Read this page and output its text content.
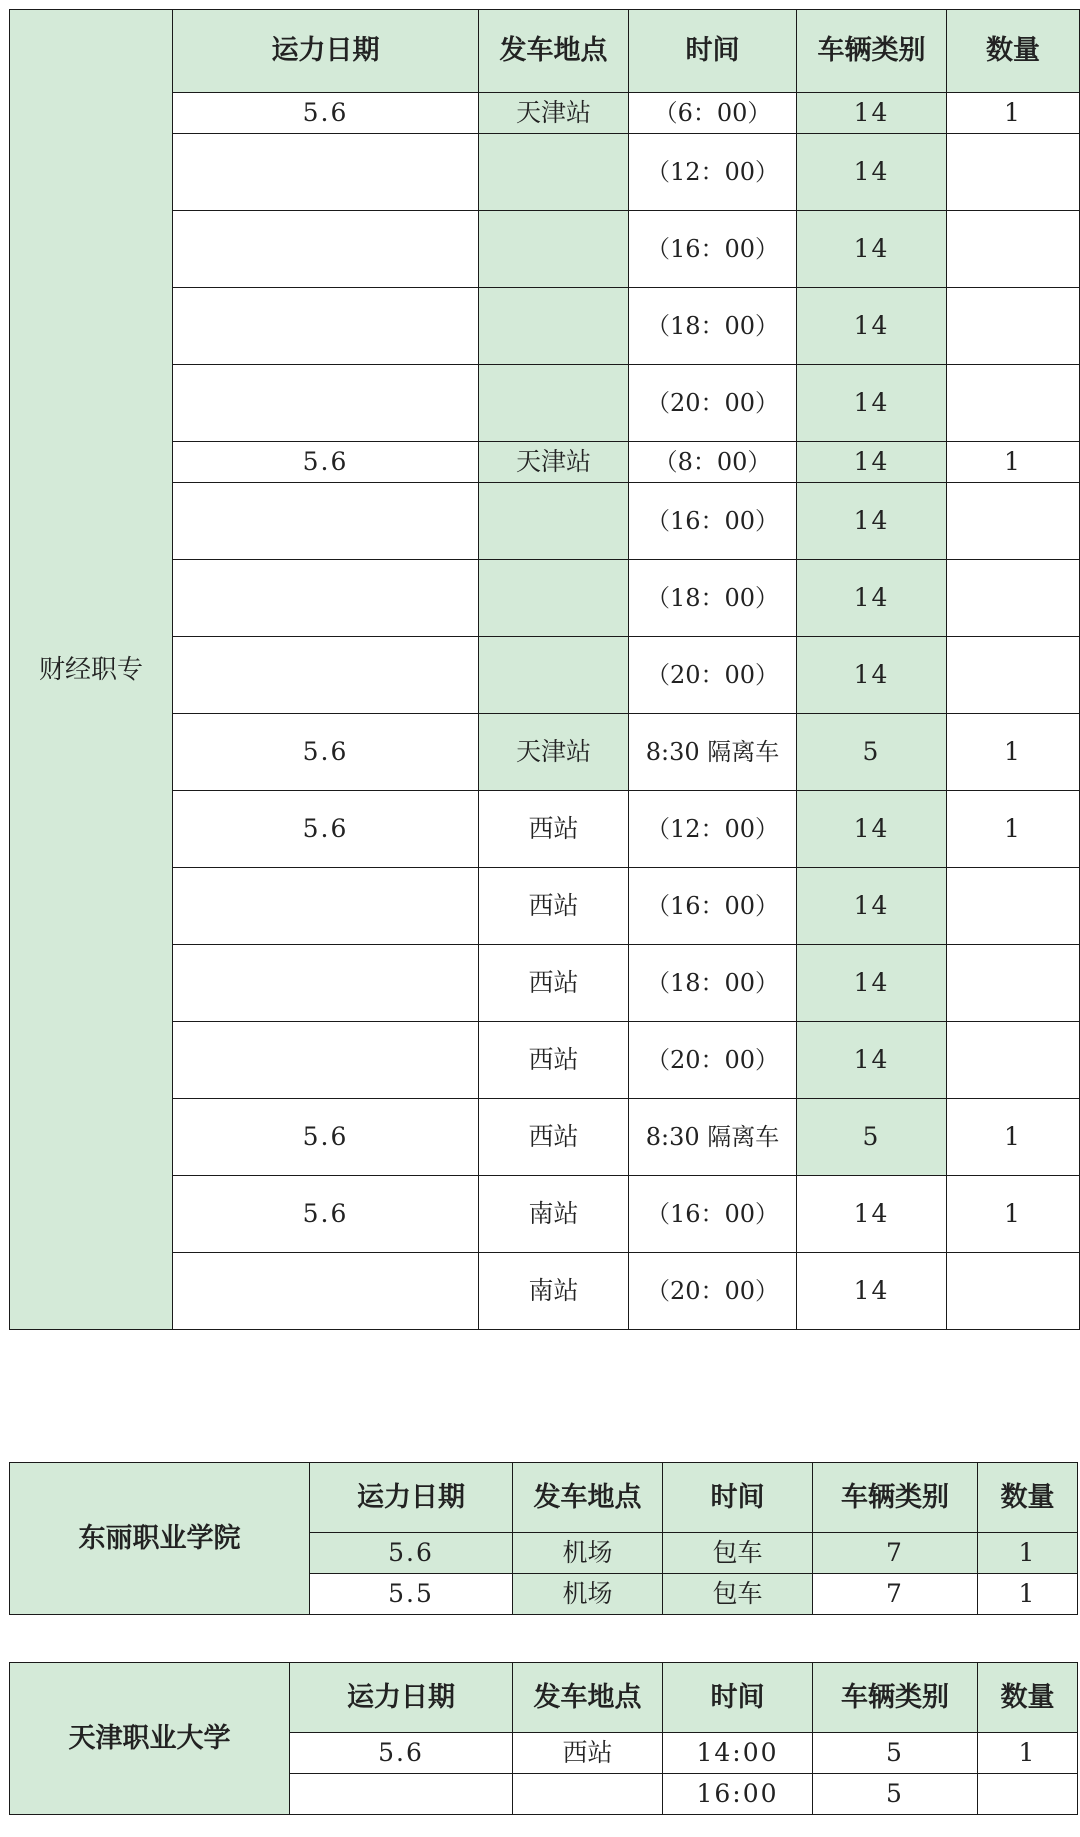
财经职专	运力日期	发车地点	时间	车辆类别	数量
	5.6	天津站	（6：00）	14	1
			（12：00）	14	
			（16：00）	14	
			（18：00）	14	
			（20：00）	14	
	5.6	天津站	（8：00）	14	1
			（16：00）	14	
			（18：00）	14	
			（20：00）	14	
	5.6	天津站	8:30 隔离车	5	1
	5.6	西站	（12：00）	14	1
		西站	（16：00）	14	
		西站	（18：00）	14	
		西站	（20：00）	14	
	5.6	西站	8:30 隔离车	5	1
	5.6	南站	（16：00）	14	1
		南站	（20：00）	14	
东丽职业学院	运力日期	发车地点	时间	车辆类别	数量
	5.6	机场	包车	7	1
	5.5	机场	包车	7	1
天津职业大学	运力日期	发车地点	时间	车辆类别	数量
	5.6	西站	14:00	5	1
			16:00	5	
